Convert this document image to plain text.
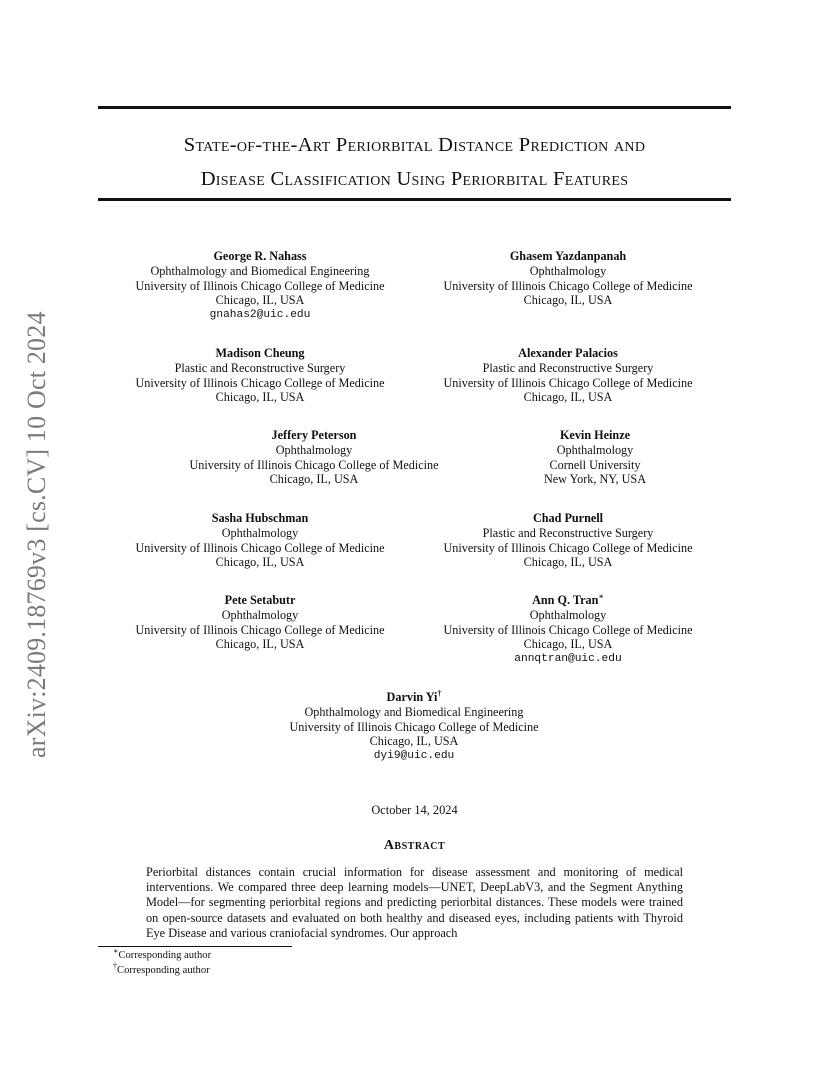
arXiv:2409.18769v3 [cs.CV] 10 Oct 2024
State-of-the-Art Periorbital Distance Prediction and
Disease Classification Using Periorbital Features
George R. Nahass
Ophthalmology and Biomedical Engineering
University of Illinois Chicago College of Medicine
Chicago, IL, USA
gnahas2@uic.edu
Ghasem Yazdanpanah
Ophthalmology
University of Illinois Chicago College of Medicine
Chicago, IL, USA
Madison Cheung
Plastic and Reconstructive Surgery
University of Illinois Chicago College of Medicine
Chicago, IL, USA
Alexander Palacios
Plastic and Reconstructive Surgery
University of Illinois Chicago College of Medicine
Chicago, IL, USA
Jeffery Peterson
Ophthalmology
University of Illinois Chicago College of Medicine
Chicago, IL, USA
Kevin Heinze
Ophthalmology
Cornell University
New York, NY, USA
Sasha Hubschman
Ophthalmology
University of Illinois Chicago College of Medicine
Chicago, IL, USA
Chad Purnell
Plastic and Reconstructive Surgery
University of Illinois Chicago College of Medicine
Chicago, IL, USA
Pete Setabutr
Ophthalmology
University of Illinois Chicago College of Medicine
Chicago, IL, USA
Ann Q. Tran∗
Ophthalmology
University of Illinois Chicago College of Medicine
Chicago, IL, USA
annqtran@uic.edu
Darvin Yi†
Ophthalmology and Biomedical Engineering
University of Illinois Chicago College of Medicine
Chicago, IL, USA
dyi9@uic.edu
October 14, 2024
Abstract
Periorbital distances contain crucial information for disease assessment and monitoring of medical interventions. We compared three deep learning models—UNET, DeepLabV3, and the Segment Anything Model—for segmenting periorbital regions and predicting periorbital distances. These models were trained on open-source datasets and evaluated on both healthy and diseased eyes, including patients with Thyroid Eye Disease and various craniofacial syndromes. Our approach
∗Corresponding author
†Corresponding author
